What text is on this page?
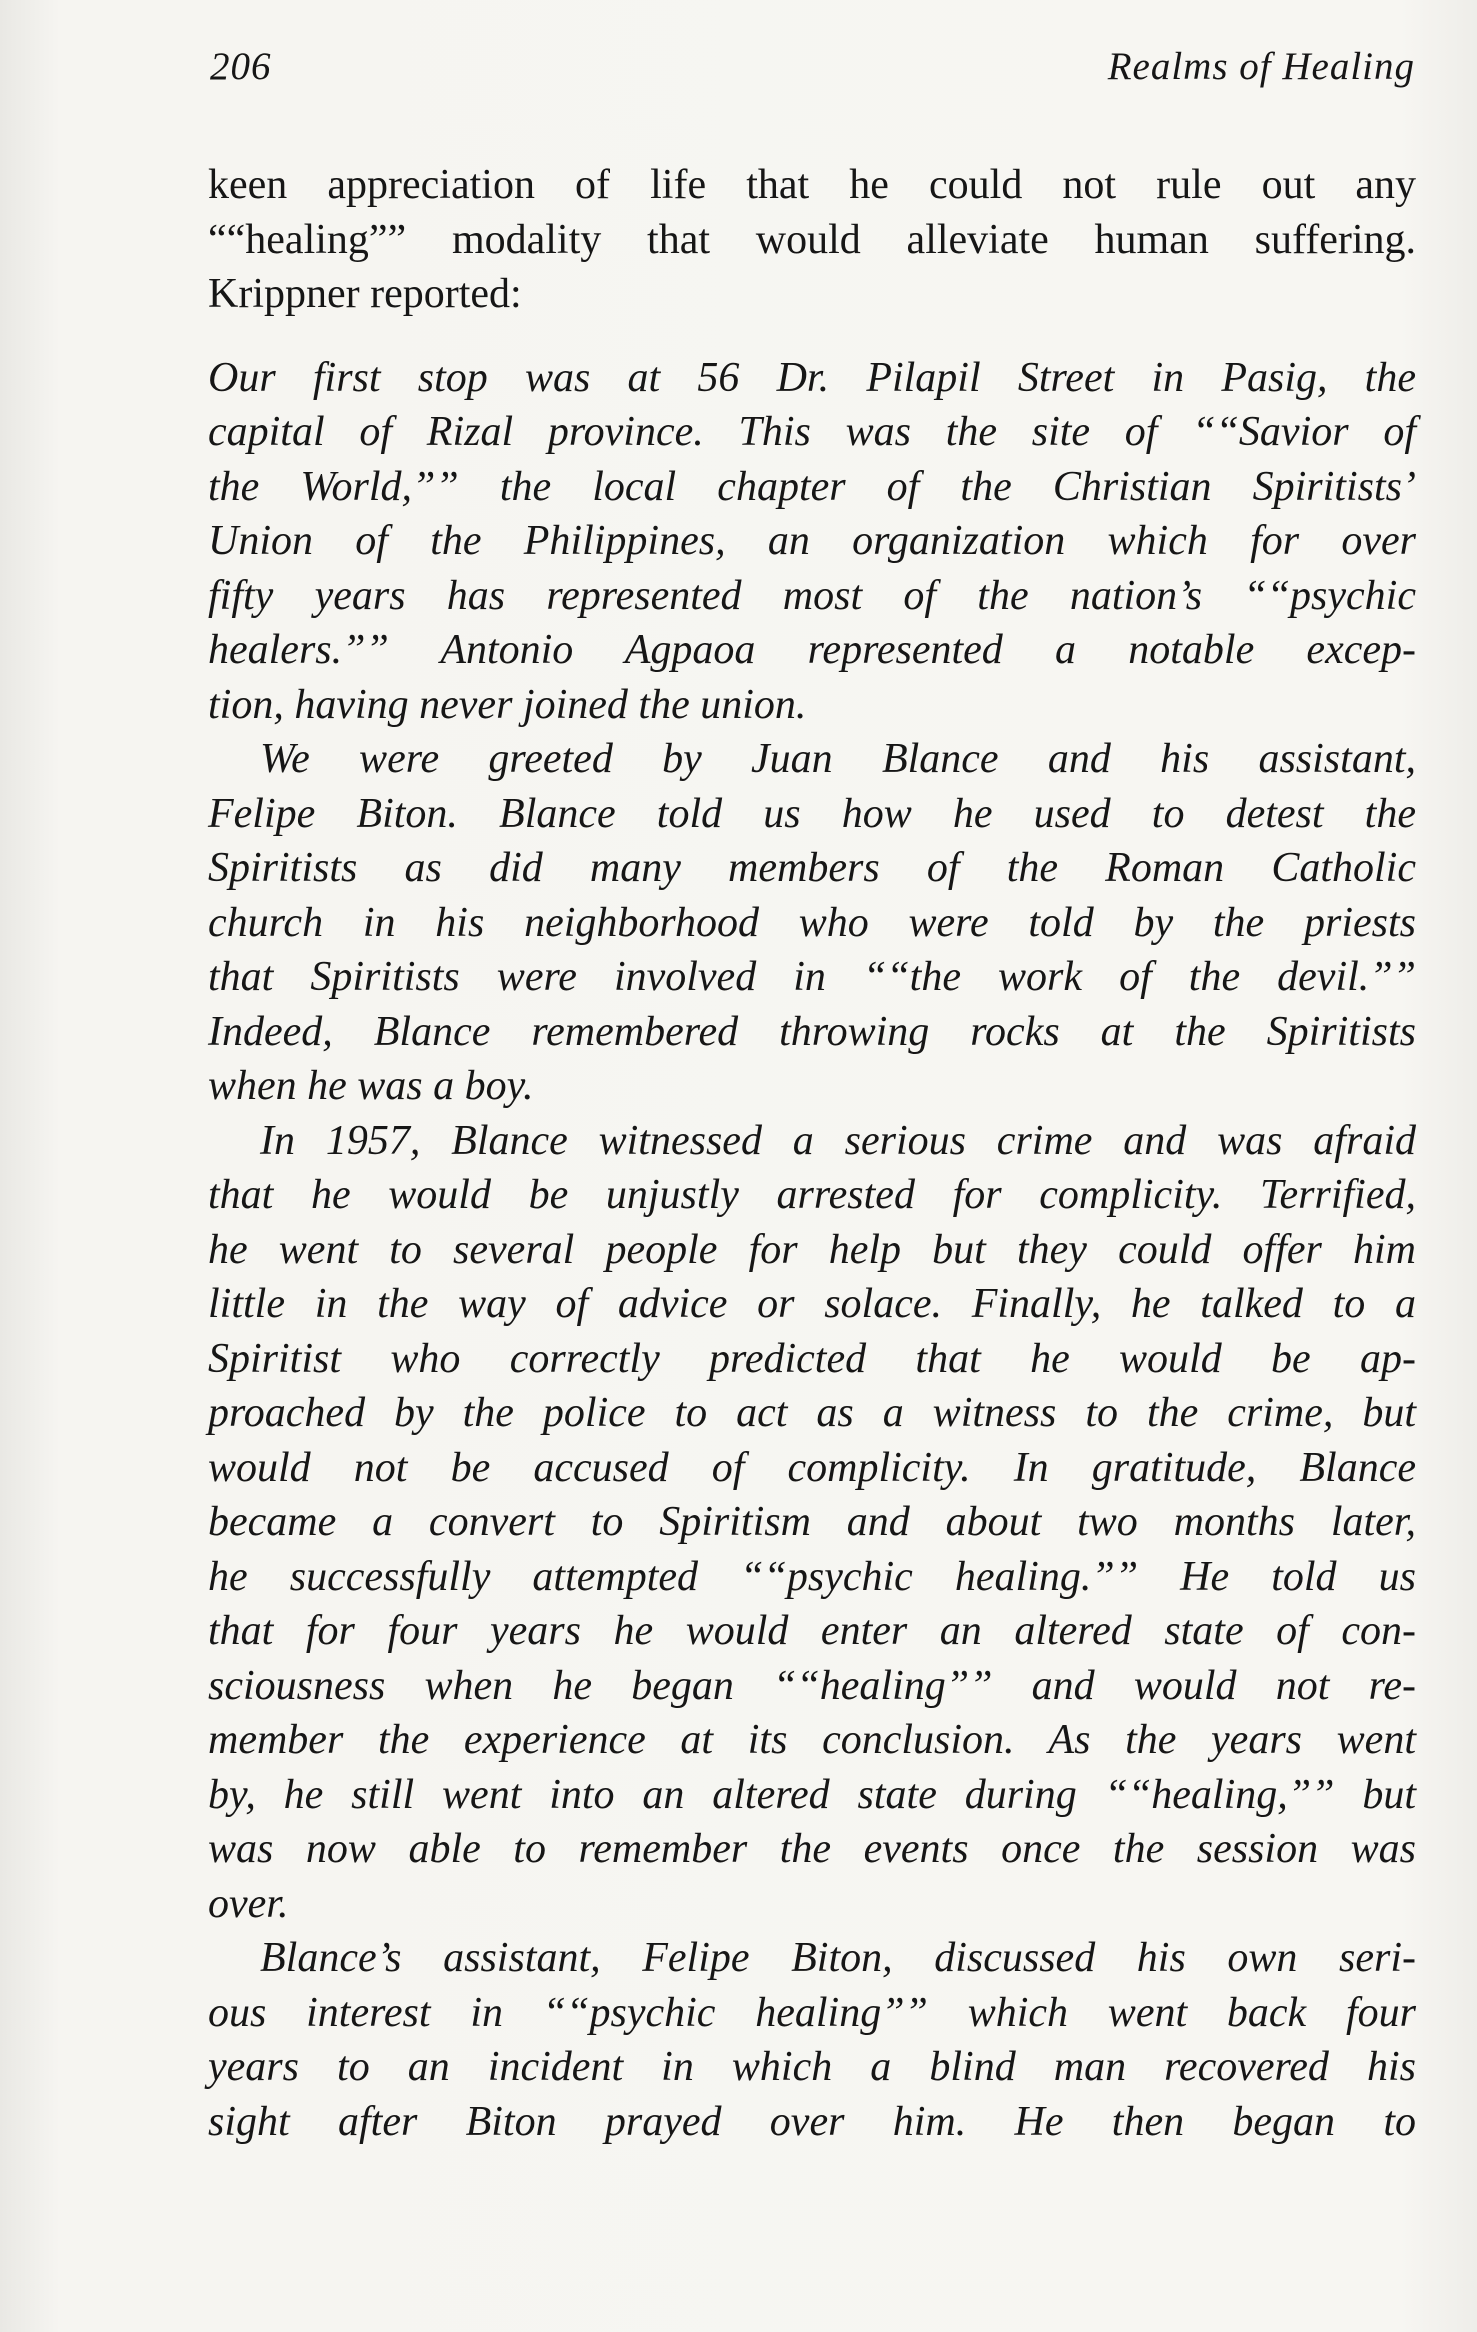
206	Realms of Healing
keen appreciation of life that he could not rule out any
““healing”” modality that would alleviate human suffering.
Krippner reported:
Our first stop was at 56 Dr. Pilapil Street in Pasig, the
capital of Rizal province. This was the site of ““Savior of
the World,”” the local chapter of the Christian Spiritists’
Union of the Philippines, an organization which for over
fifty years has represented most of the nation’s ““psychic
healers.”” Antonio Agpaoa represented a notable excep-
tion, having never joined the union.
We were greeted by Juan Blance and his assistant,
Felipe Biton. Blance told us how he used to detest the
Spiritists as did many members of the Roman Catholic
church in his neighborhood who were told by the priests
that Spiritists were involved in ““the work of the devil.””
Indeed, Blance remembered throwing rocks at the Spiritists
when he was a boy.
In 1957, Blance witnessed a serious crime and was afraid
that he would be unjustly arrested for complicity. Terrified,
he went to several people for help but they could offer him
little in the way of advice or solace. Finally, he talked to a
Spiritist who correctly predicted that he would be ap-
proached by the police to act as a witness to the crime, but
would not be accused of complicity. In gratitude, Blance
became a convert to Spiritism and about two months later,
he successfully attempted ““psychic healing.”” He told us
that for four years he would enter an altered state of con-
sciousness when he began ““healing”” and would not re-
member the experience at its conclusion. As the years went
by, he still went into an altered state during ““healing,”” but
was now able to remember the events once the session was
over.
Blance’s assistant, Felipe Biton, discussed his own seri-
ous interest in ““psychic healing”” which went back four
years to an incident in which a blind man recovered his
sight after Biton prayed over him. He then began to
